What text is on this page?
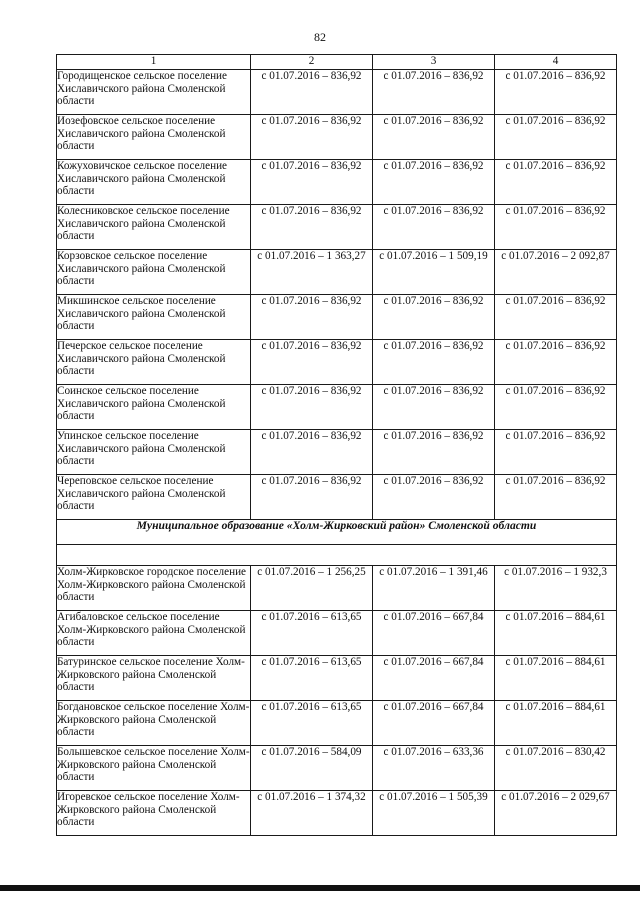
82
1	2	3	4
Городищенское сельское поселение Хиславичского района Смоленской области	с 01.07.2016 – 836,92	с 01.07.2016 – 836,92	с 01.07.2016 – 836,92
Иозефовское сельское поселение Хиславичского района Смоленской области	с 01.07.2016 – 836,92	с 01.07.2016 – 836,92	с 01.07.2016 – 836,92
Кожуховичское сельское поселение Хиславичского района Смоленской области	с 01.07.2016 – 836,92	с 01.07.2016 – 836,92	с 01.07.2016 – 836,92
Колесниковское сельское поселение Хиславичского района Смоленской области	с 01.07.2016 – 836,92	с 01.07.2016 – 836,92	с 01.07.2016 – 836,92
Корзовское сельское поселение Хиславичского района Смоленской области	с 01.07.2016 – 1 363,27	с 01.07.2016 – 1 509,19	с 01.07.2016 – 2 092,87
Микшинское сельское поселение Хиславичского района Смоленской области	с 01.07.2016 – 836,92	с 01.07.2016 – 836,92	с 01.07.2016 – 836,92
Печерское сельское поселение Хиславичского района Смоленской области	с 01.07.2016 – 836,92	с 01.07.2016 – 836,92	с 01.07.2016 – 836,92
Соинское сельское поселение Хиславичского района Смоленской области	с 01.07.2016 – 836,92	с 01.07.2016 – 836,92	с 01.07.2016 – 836,92
Упинское сельское поселение Хиславичского района Смоленской области	с 01.07.2016 – 836,92	с 01.07.2016 – 836,92	с 01.07.2016 – 836,92
Череповское сельское поселение Хиславичского района Смоленской области	с 01.07.2016 – 836,92	с 01.07.2016 – 836,92	с 01.07.2016 – 836,92
Муниципальное образование «Холм-Жирковский район» Смоленской области			

Холм-Жирковское городское поселение Холм-Жирковского района Смоленской области	с 01.07.2016 – 1 256,25	с 01.07.2016 – 1 391,46	с 01.07.2016 – 1 932,3
Агибаловское сельское поселение Холм-Жирковского района Смоленской области	с 01.07.2016 – 613,65	с 01.07.2016 – 667,84	с 01.07.2016 – 884,61
Батуринское сельское поселение Холм-Жирковского района Смоленской области	с 01.07.2016 – 613,65	с 01.07.2016 – 667,84	с 01.07.2016 – 884,61
Богдановское сельское поселение Холм-Жирковского района Смоленской области	с 01.07.2016 – 613,65	с 01.07.2016 – 667,84	с 01.07.2016 – 884,61
Болышевское сельское поселение Холм-Жирковского района Смоленской области	с 01.07.2016 – 584,09	с 01.07.2016 – 633,36	с 01.07.2016 – 830,42
Игоревское сельское поселение Холм-Жирковского района Смоленской области	с 01.07.2016 – 1 374,32	с 01.07.2016 – 1 505,39	с 01.07.2016 – 2 029,67
